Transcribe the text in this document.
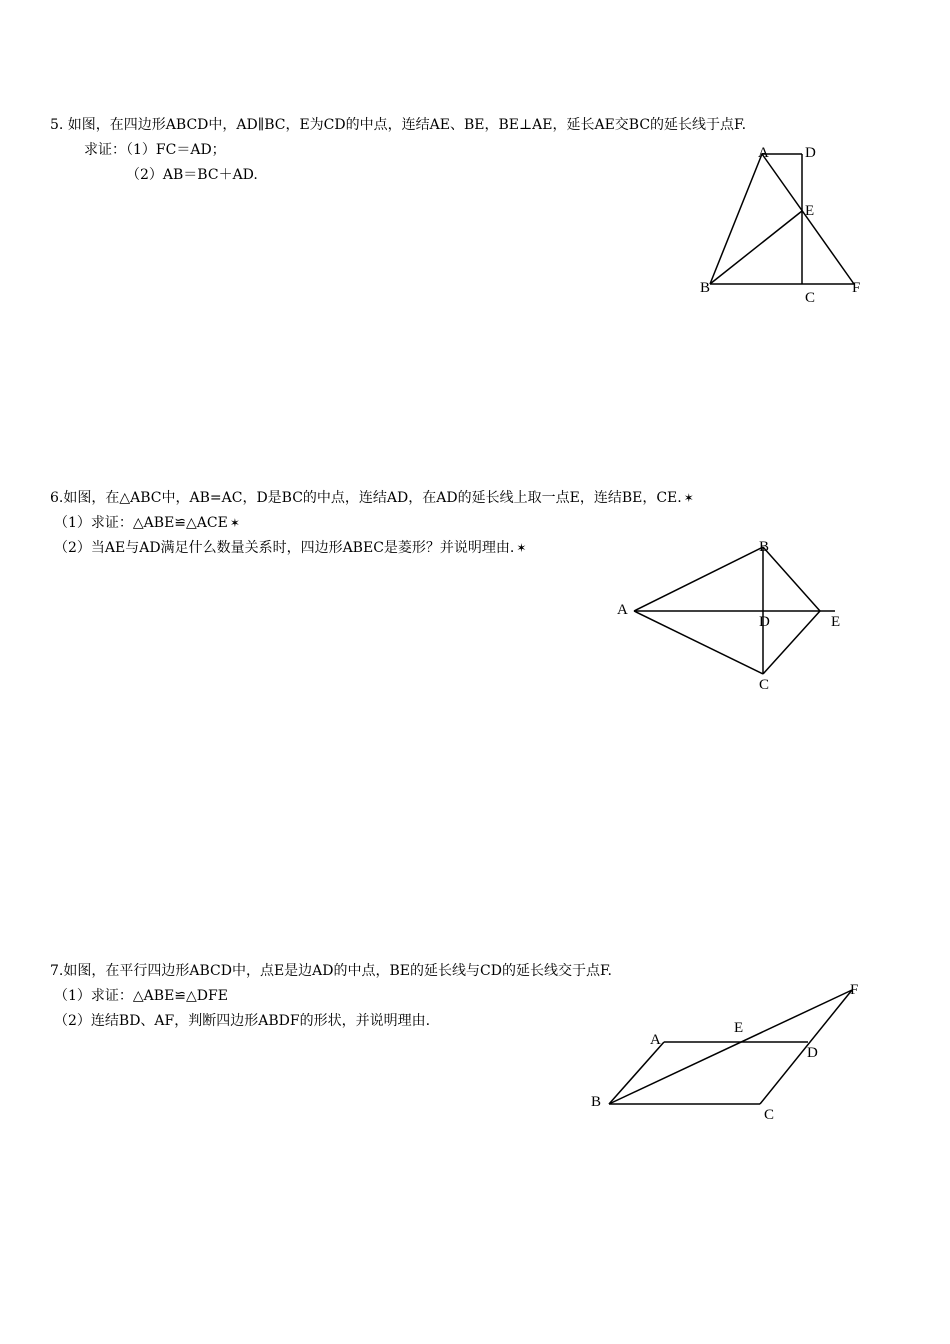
5. 如图，在四边形ABCD中，AD∥BC，E为CD的中点，连结AE、BE，BE⊥AE，延长AE交BC的延长线于点F.
求证：（1）FC＝AD；
（2）AB＝BC＋AD.
A D
E
B
C
F
6.如图，在△ABC中，AB=AC，D是BC的中点，连结AD，在AD的延长线上取一点E，连结BE，CE. ✶
（1）求证：△ABE≌△ACE ✶
（2）当AE与AD满足什么数量关系时，四边形ABEC是菱形？并说明理由. ✶	B
A
D	E
C
7.如图，在平行四边形ABCD中，点E是边AD的中点，BE的延长线与CD的延长线交于点F.
（1）求证：△ABE≌△DFE
（2）连结BD、AF，判断四边形ABDF的形状，并说明理由.
A
E
D
F
B
C
